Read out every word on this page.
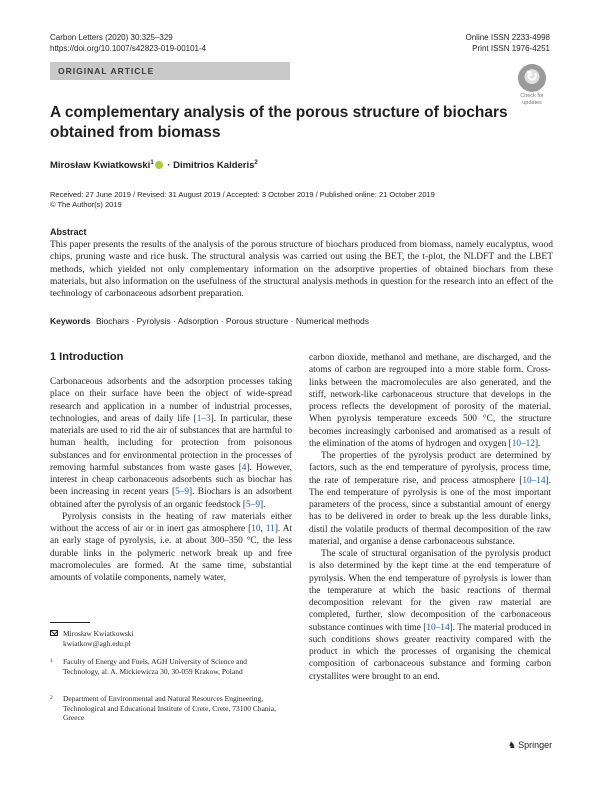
Carbon Letters (2020) 30:325–329
https://doi.org/10.1007/s42823-019-00101-4
Online ISSN 2233-4998
Print ISSN 1976-4251
ORIGINAL ARTICLE	↻
Check for
updates
A complementary analysis of the porous structure of biochars obtained from biomass
Mirosław Kwiatkowski$^1$ · Dimitrios Kalderis$^2$
Received: 27 June 2019 / Revised: 31 August 2019 / Accepted: 3 October 2019 / Published online: 21 October 2019
© The Author(s) 2019
Abstract
This paper presents the results of the analysis of the porous structure of biochars produced from biomass, namely eucalyptus, wood chips, pruning waste and rice husk. The structural analysis was carried out using the BET, the t-plot, the NLDFT and the LBET methods, which yielded not only complementary information on the adsorptive properties of obtained biochars from these materials, but also information on the usefulness of the structural analysis methods in question for the research into an effect of the technology of carbonaceous adsorbent preparation.
Keywords Biochars · Pyrolysis · Adsorption · Porous structure · Numerical methods
1 Introduction

Carbonaceous adsorbents and the adsorption processes taking place on their surface have been the object of wide-spread research and application in a number of industrial processes, technologies, and areas of daily life [1–3]. In particular, these materials are used to rid the air of substances that are harmful to human health, including for protection from poisonous substances and for environmental protection in the processes of removing harmful substances from waste gases [4]. However, interest in cheap carbonaceous adsorbents such as biochar has been increasing in recent years [5–9]. Biochars is an adsorbent obtained after the pyrolysis of an organic feedstock [5–9].

Pyrolysis consists in the heating of raw materials either without the access of air or in inert gas atmosphere [10, 11]. At an early stage of pyrolysis, i.e. at about 300–350 °C, the less durable links in the polymeric network break up and free macromolecules are formed. At the same time, substantial amounts of volatile components, namely water,

carbon dioxide, methanol and methane, are discharged, and the atoms of carbon are regrouped into a more stable form. Cross-links between the macromolecules are also generated, and the stiff, network-like carbonaceous structure that develops in the process reflects the development of porosity of the material. When pyrolysis temperature exceeds 500 °C, the structure becomes increasingly carbonised and aromatised as a result of the elimination of the atoms of hydrogen and oxygen [10–12].

The properties of the pyrolysis product are determined by factors, such as the end temperature of pyrolysis, process time, the rate of temperature rise, and process atmosphere [10–14]. The end temperature of pyrolysis is one of the most important parameters of the process, since a substantial amount of energy has to be delivered in order to break up the less durable links, distil the volatile products of thermal decomposition of the raw material, and organise a dense carbonaceous substance.

The scale of structural organisation of the pyrolysis product is also determined by the kept time at the end temperature of pyrolysis. When the end temperature of pyrolysis is lower than the temperature at which the basic reactions of thermal decomposition relevant for the given raw material are completed, further, slow decomposition of the carbonaceous substance continues with time [10–14]. The material produced in such conditions shows greater reactivity compared with the product in which the processes of organising the chemical composition of carbonaceous substance and forming carbon crystallites were brought to an end.

Mirosław Kwiatkowski
kwiatkow@agh.edu.pl
1 Faculty of Energy and Fuels, AGH University of Science and Technology, al. A. Mickiewicza 30, 30-059 Krakow, Poland
2 Department of Environmental and Natural Resources Engineering, Technological and Educational Institute of Crete, Crete, 73100 Chania, Greece
♞ Springer
